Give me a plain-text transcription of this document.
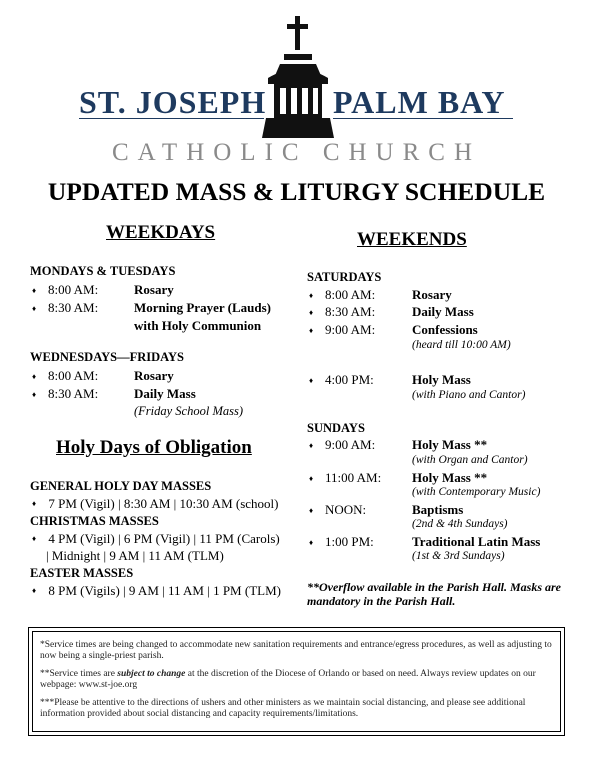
ST. JOSEPH PALM BAY
CATHOLIC CHURCH
UPDATED MASS & LITURGY SCHEDULE
WEEKDAYS
MONDAYS & TUESDAYS
♦ 8:00 AM:	Rosary
♦ 8:30 AM:	Morning Prayer (Lauds)
with Holy Communion
WEDNESDAYS—FRIDAYS
♦ 8:00 AM:	Rosary
♦ 8:30 AM:	Daily Mass
(Friday School Mass)
Holy Days of Obligation
GENERAL HOLY DAY MASSES
♦ 7 PM (Vigil) | 8:30 AM | 10:30 AM (school)
CHRISTMAS MASSES
♦ 4 PM (Vigil) | 6 PM (Vigil) | 11 PM (Carols)
| Midnight | 9 AM | 11 AM (TLM)
EASTER MASSES
♦ 8 PM (Vigils) | 9 AM | 11 AM | 1 PM (TLM)
WEEKENDS
SATURDAYS
♦ 8:00 AM:	Rosary
♦ 8:30 AM:	Daily Mass
♦ 9:00 AM:	Confessions
(heard till 10:00 AM)
♦ 4:00 PM:	Holy Mass
(with Piano and Cantor)
SUNDAYS
♦ 9:00 AM:	Holy Mass **
(with Organ and Cantor)
♦ 11:00 AM: Holy Mass **
(with Contemporary Music)
♦ NOON:	Baptisms
(2nd & 4th Sundays)
♦ 1:00 PM:	Traditional Latin Mass
(1st & 3rd Sundays)
**Overflow available in the Parish Hall. Masks are mandatory in the Parish Hall.
*Service times are being changed to accommodate new sanitation requirements and entrance/egress procedures, as well as adjusting to now being a single-priest parish.
**Service times are subject to change at the discretion of the Diocese of Orlando or based on need. Always review updates on our webpage: www.st-joe.org
***Please be attentive to the directions of ushers and other ministers as we maintain social distancing, and please see additional information provided about social distancing and capacity requirements/limitations.
